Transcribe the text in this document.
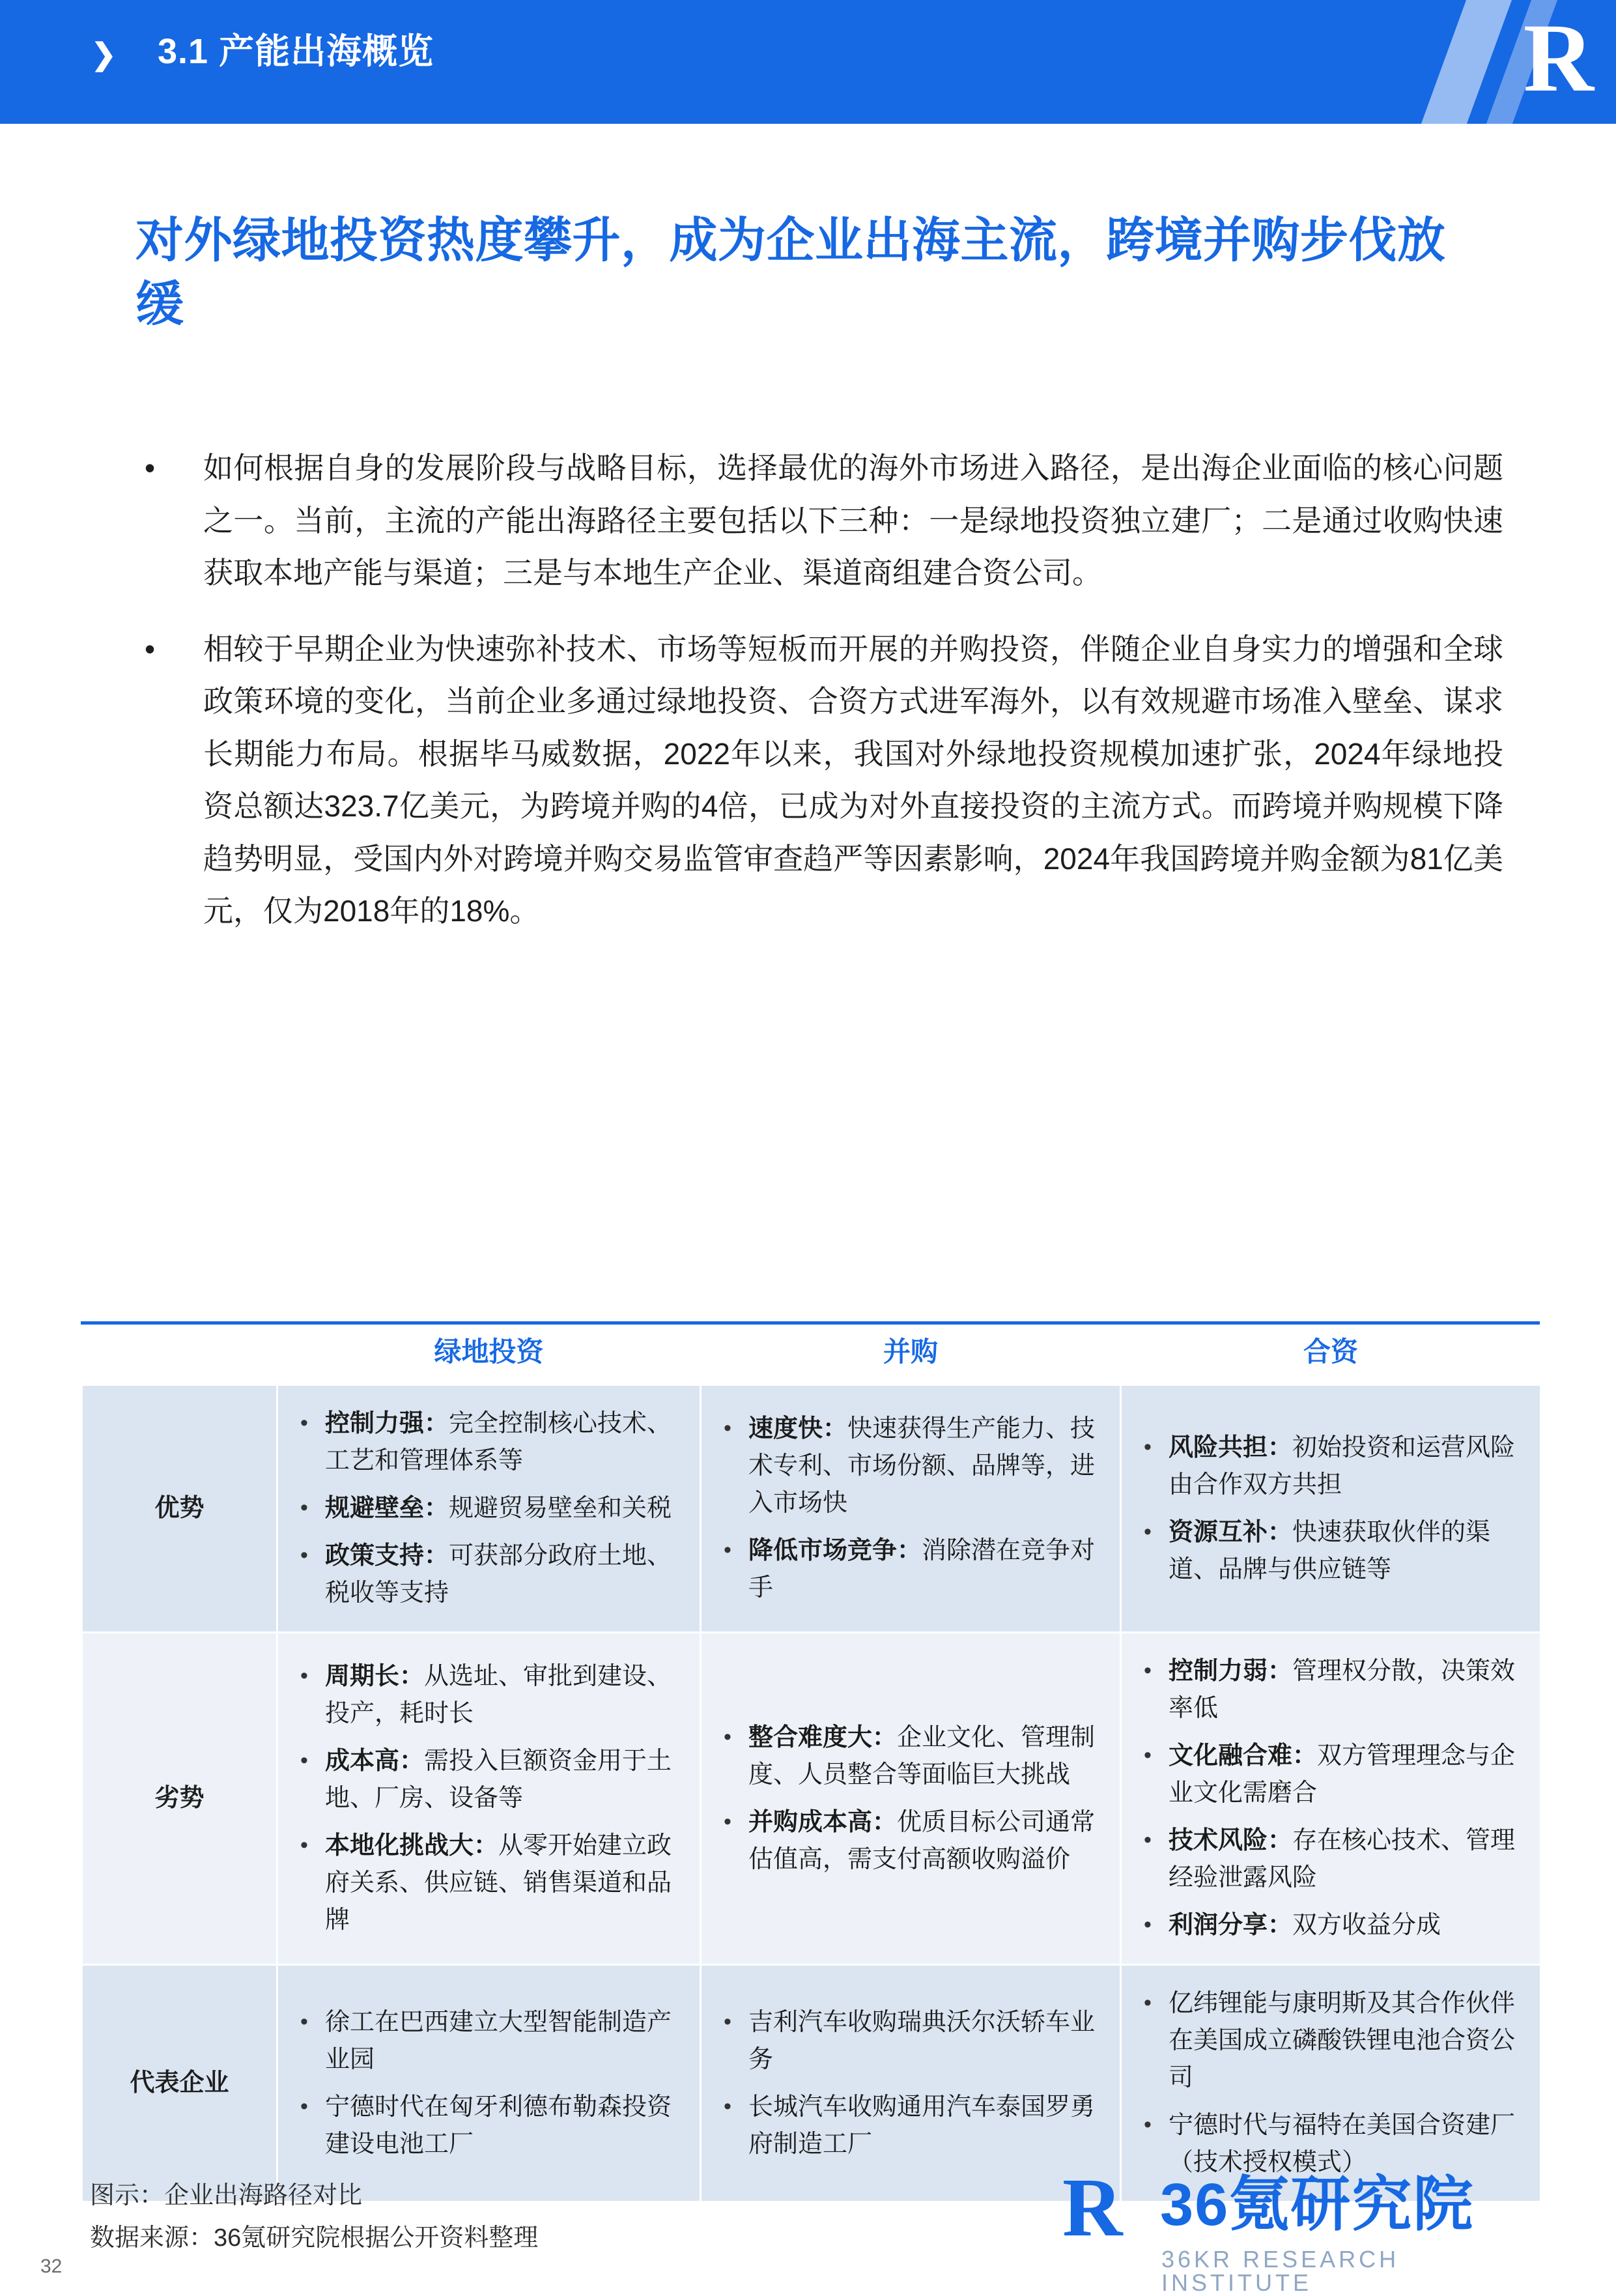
❯ 3.1 产能出海概览	R
对外绿地投资热度攀升，成为企业出海主流，跨境并购步伐放缓
• 如何根据自身的发展阶段与战略目标，选择最优的海外市场进入路径，是出海企业面临的核心问题之一。当前，主流的产能出海路径主要包括以下三种：一是绿地投资独立建厂；二是通过收购快速获取本地产能与渠道；三是与本地生产企业、渠道商组建合资公司。
• 相较于早期企业为快速弥补技术、市场等短板而开展的并购投资，伴随企业自身实力的增强和全球政策环境的变化，当前企业多通过绿地投资、合资方式进军海外，以有效规避市场准入壁垒、谋求长期能力布局。根据毕马威数据，2022年以来，我国对外绿地投资规模加速扩张，2024年绿地投资总额达323.7亿美元，为跨境并购的4倍，已成为对外直接投资的主流方式。而跨境并购规模下降趋势明显，受国内外对跨境并购交易监管审查趋严等因素影响，2024年我国跨境并购金额为81亿美元，仅为2018年的18%。
	绿地投资	并购	合资
优势	
• 控制力强：完全控制核心技术、工艺和管理体系等
• 规避壁垒：规避贸易壁垒和关税
• 政策支持：可获部分政府土地、税收等支持

• 速度快：快速获得生产能力、技术专利、市场份额、品牌等，进入市场快
• 降低市场竞争：消除潜在竞争对手

• 风险共担：初始投资和运营风险由合作双方共担
• 资源互补：快速获取伙伴的渠道、品牌与供应链等

劣势	
• 周期长：从选址、审批到建设、投产，耗时长
• 成本高：需投入巨额资金用于土地、厂房、设备等
• 本地化挑战大：从零开始建立政府关系、供应链、销售渠道和品牌

• 整合难度大：企业文化、管理制度、人员整合等面临巨大挑战
• 并购成本高：优质目标公司通常估值高，需支付高额收购溢价

• 控制力弱：管理权分散，决策效率低
• 文化融合难：双方管理理念与企业文化需磨合
• 技术风险：存在核心技术、管理经验泄露风险
• 利润分享：双方收益分成

代表企业	
• 徐工在巴西建立大型智能制造产业园
• 宁德时代在匈牙利德布勒森投资建设电池工厂

• 吉利汽车收购瑞典沃尔沃轿车业务
• 长城汽车收购通用汽车泰国罗勇府制造工厂

• 亿纬锂能与康明斯及其合作伙伴在美国成立磷酸铁锂电池合资公司
• 宁德时代与福特在美国合资建厂（技术授权模式）
图示：企业出海路径对比
数据来源：36氪研究院根据公开资料整理
32
R 36氪研究院
36KR RESEARCH INSTITUTE
